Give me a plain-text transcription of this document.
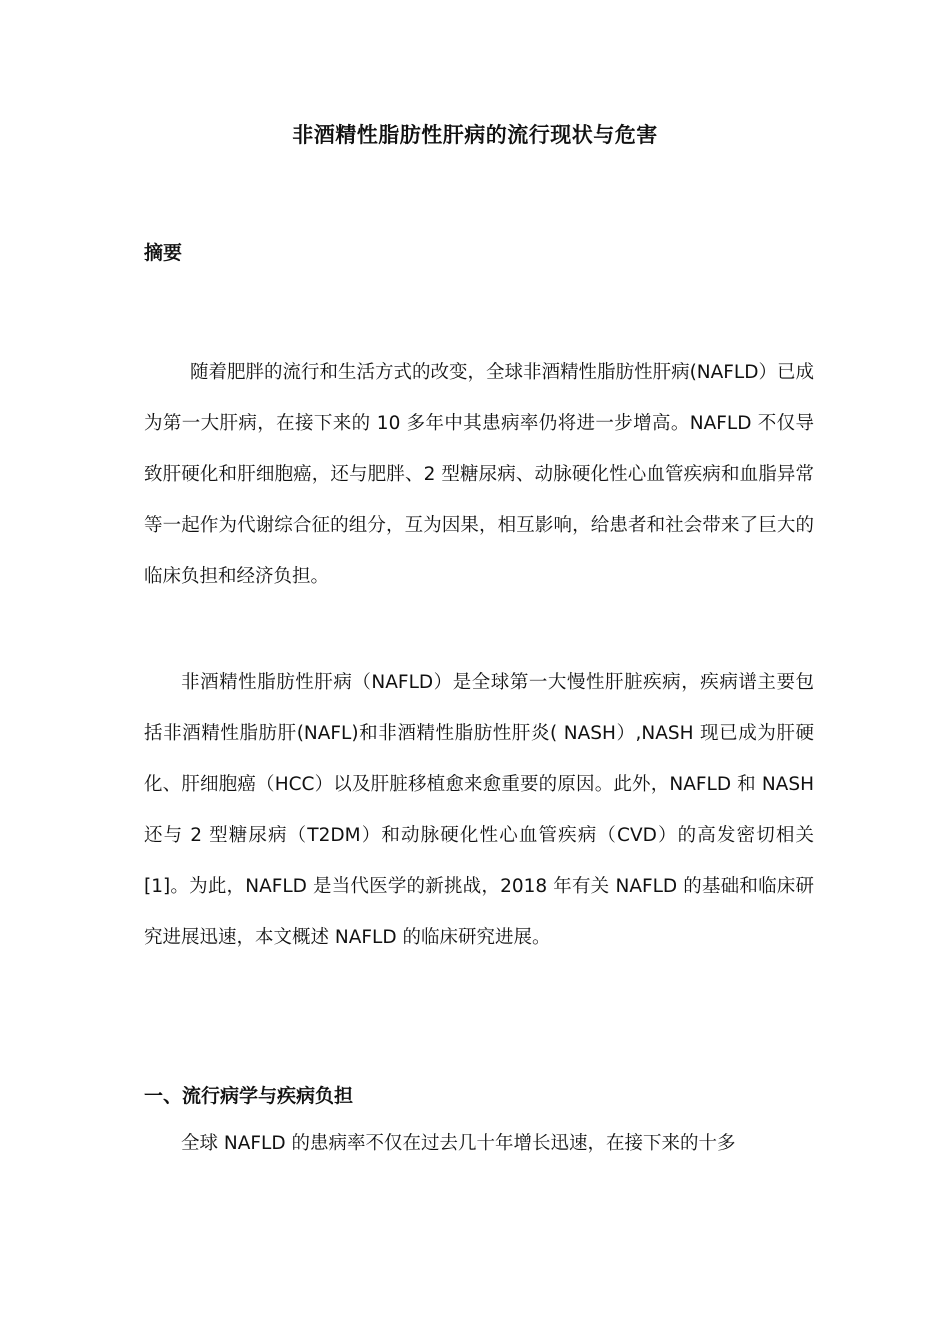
非酒精性脂肪性肝病的流行现状与危害
摘要

随着肥胖的流行和生活方式的改变，全球非酒精性脂肪性肝病(NAFLD）已成为第一大肝病，在接下来的 10 多年中其患病率仍将进一步增高。NAFLD 不仅导致肝硬化和肝细胞癌，还与肥胖、2 型糖尿病、动脉硬化性心血管疾病和血脂异常等一起作为代谢综合征的组分，互为因果，相互影响，给患者和社会带来了巨大的临床负担和经济负担。

非酒精性脂肪性肝病（NAFLD）是全球第一大慢性肝脏疾病，疾病谱主要包括非酒精性脂肪肝(NAFL)和非酒精性脂肪性肝炎( NASH）,NASH 现已成为肝硬化、肝细胞癌（HCC）以及肝脏移植愈来愈重要的原因。此外，NAFLD 和 NASH 还与 2 型糖尿病（T2DM）和动脉硬化性心血管疾病（CVD）的高发密切相关[1]。为此，NAFLD 是当代医学的新挑战，2018 年有关 NAFLD 的基础和临床研究进展迅速，本文概述 NAFLD 的临床研究进展。

一、流行病学与疾病负担

全球 NAFLD 的患病率不仅在过去几十年增长迅速，在接下来的十多
